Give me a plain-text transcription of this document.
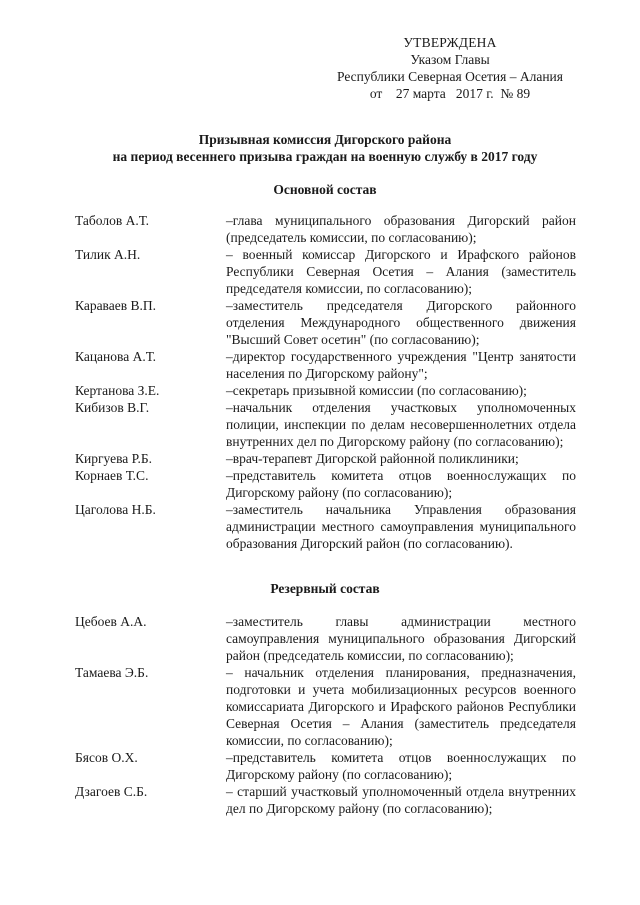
УТВЕРЖДЕНА
Указом Главы
Республики Северная Осетия – Алания
от    27 марта   2017 г.  № 89
Призывная комиссия Дигорского района
на период весеннего призыва граждан на военную службу в 2017 году
Основной состав
Таболов А.Т.	–глава муниципального образования Дигорский район (председатель комиссии, по согласованию);
Тилик А.Н.	– военный комиссар Дигорского и Ирафского районов Республики Северная Осетия – Алания (заместитель председателя комиссии, по согласованию);
Караваев В.П.	–заместитель председателя Дигорского районного отделения Международного общественного движения "Высший Совет осетин" (по согласованию);
Кацанова А.Т.	–директор государственного учреждения "Центр занятости населения по Дигорскому району";
Кертанова З.Е.	–секретарь призывной комиссии (по согласованию);
Кибизов В.Г.	–начальник отделения участковых уполномоченных полиции, инспекции по делам несовершеннолетних отдела внутренних дел по Дигорскому району (по согласованию);
Киргуева Р.Б.	–врач-терапевт Дигорской районной поликлиники;
Корнаев Т.С.	–представитель комитета отцов военнослужащих по Дигорскому району (по согласованию);
Цаголова Н.Б.	–заместитель начальника Управления образования администрации местного самоуправления муниципального образования Дигорский район (по согласованию).
Резервный состав
Цебоев А.А.	–заместитель главы администрации местного самоуправления муниципального образования Дигорский район (председатель комиссии, по согласованию);
Тамаева Э.Б.	– начальник отделения планирования, предназначения, подготовки и учета мобилизационных ресурсов военного комиссариата Дигорского и Ирафского районов Республики Северная Осетия – Алания (заместитель председателя комиссии, по согласованию);
Бясов О.Х.	–представитель комитета отцов военнослужащих по Дигорскому району (по согласованию);
Дзагоев С.Б.	– старший участковый уполномоченный отдела внутренних дел по Дигорскому району (по согласованию);
